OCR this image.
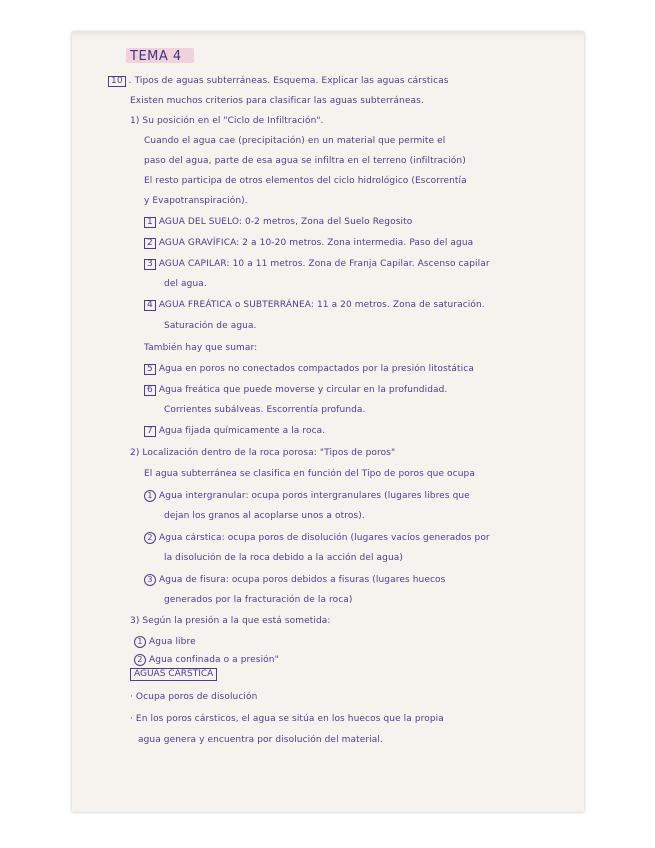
TEMA 4
10 . Tipos de aguas subterráneas. Esquema. Explicar las aguas cársticas
Existen muchos criterios para clasificar las aguas subterráneas.
1) Su posición en el "Ciclo de Infiltración".
Cuando el agua cae (precipitación) en un material que permite el
paso del agua, parte de esa agua se infiltra en el terreno (infiltración)
El resto participa de otros elementos del ciclo hidrológico (Escorrentía
y Evapotranspiración).
1 AGUA DEL SUELO: 0-2 metros, Zona del Suelo Regosito
2 AGUA GRAVÍFICA: 2 a 10-20 metros. Zona intermedia. Paso del agua
3 AGUA CAPILAR: 10 a 11 metros. Zona de Franja Capilar. Ascenso capilar
del agua.
4 AGUA FREÁTICA o SUBTERRÁNEA: 11 a 20 metros. Zona de saturación.
Saturación de agua.
También hay que sumar:
5 Agua en poros no conectados compactados por la presión litostática
6 Agua freática que puede moverse y circular en la profundidad.
Corrientes subálveas. Escorrentía profunda.
7 Agua fijada químicamente a la roca.
2) Localización dentro de la roca porosa: "Tipos de poros"
El agua subterránea se clasifica en función del Tipo de poros que ocupa
1 Agua intergranular: ocupa poros intergranulares (lugares libres que
dejan los granos al acoplarse unos a otros).
2 Agua cárstica: ocupa poros de disolución (lugares vacíos generados por
la disolución de la roca debido a la acción del agua)
3 Agua de fisura: ocupa poros debidos a fisuras (lugares huecos
generados por la fracturación de la roca)
3) Según la presión a la que está sometida:
1 Agua libre
2 Agua confinada o a presión"
AGUAS CÁRSTICA
· Ocupa poros de disolución
· En los poros cársticos, el agua se sitúa en los huecos que la propia
agua genera y encuentra por disolución del material.
